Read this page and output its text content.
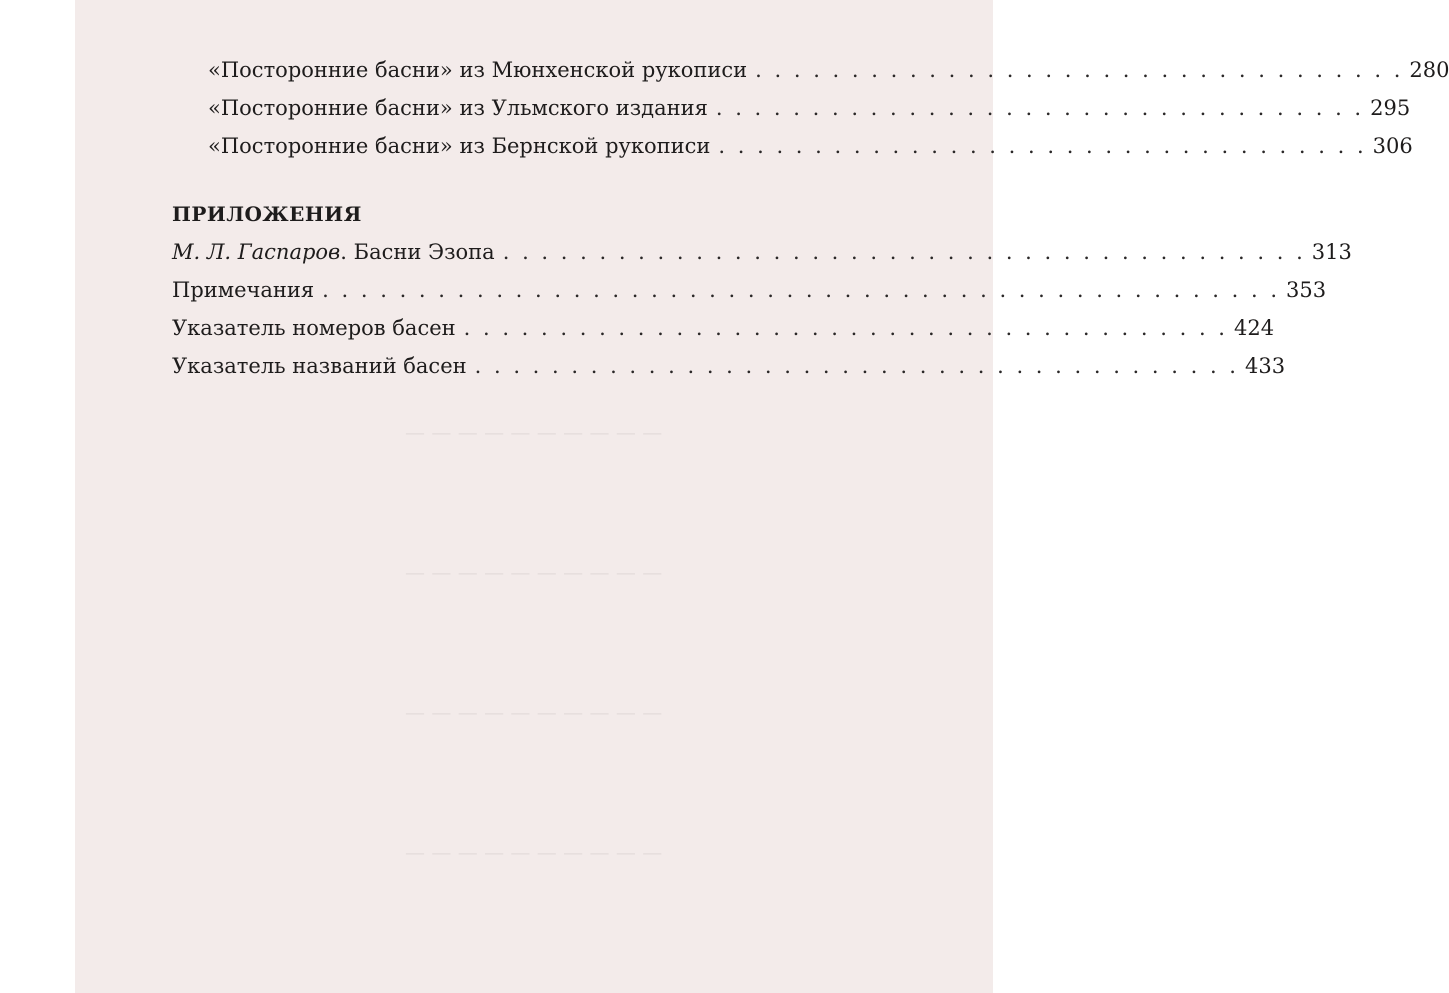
— — — — — — — — — —
— — — — — — — — — —
— — — — — — — — — —
— — — — — — — — — —
«Посторонние басни» из Мюнхенской рукописи . . . . . . . . . . . . . . . . . . . . . . . . . . . . . . . . . . 280
«Посторонние басни» из Ульмского издания . . . . . . . . . . . . . . . . . . . . . . . . . . . . . . . . . . 295
«Посторонние басни» из Бернской рукописи . . . . . . . . . . . . . . . . . . . . . . . . . . . . . . . . . . 306
ПРИЛОЖЕНИЯ
М. Л. Гаспаров. Басни Эзопа . . . . . . . . . . . . . . . . . . . . . . . . . . . . . . . . . . . . . . . . . . 313
Примечания . . . . . . . . . . . . . . . . . . . . . . . . . . . . . . . . . . . . . . . . . . . . . . . . . . 353
Указатель номеров басен . . . . . . . . . . . . . . . . . . . . . . . . . . . . . . . . . . . . . . . . 424
Указатель названий басен . . . . . . . . . . . . . . . . . . . . . . . . . . . . . . . . . . . . . . . . 433
